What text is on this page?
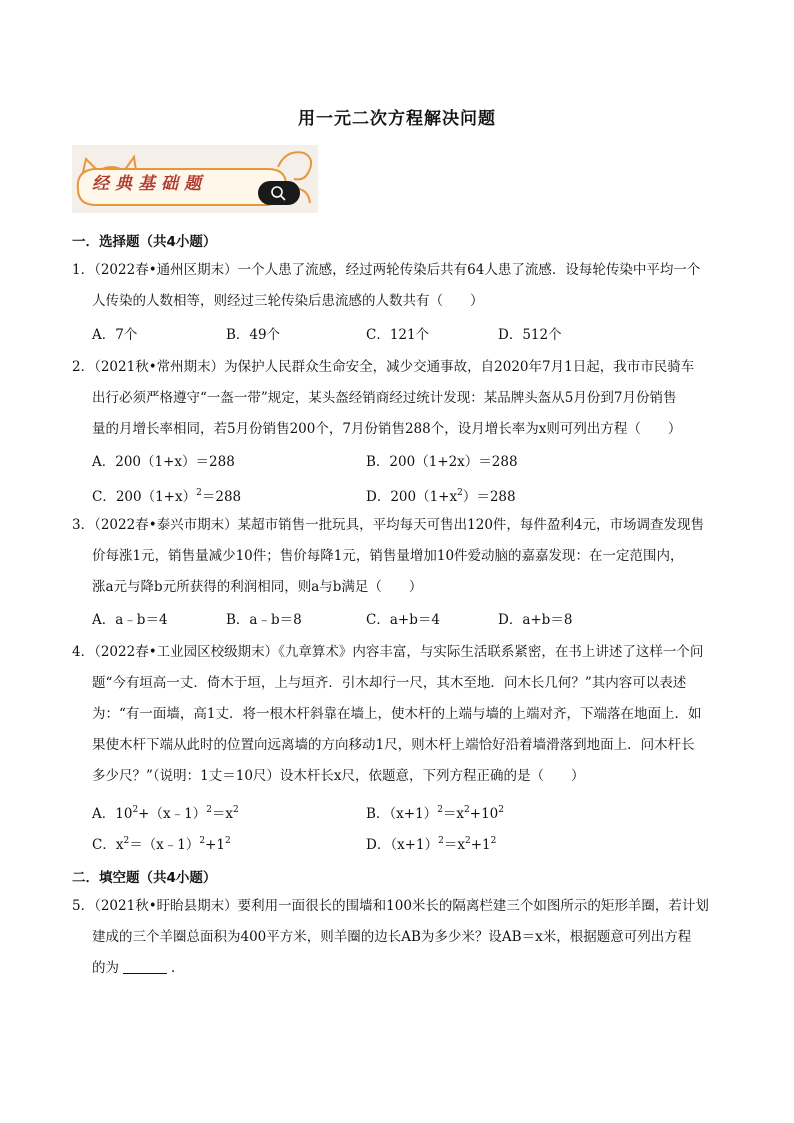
用一元二次方程解决问题
经典基础题
一．选择题（共4小题）
1．（2022春•通州区期末）一个人患了流感，经过两轮传染后共有64人患了流感．设每轮传染中平均一个
人传染的人数相等，则经过三轮传染后患流感的人数共有（　　）
A．7个	B．49个	C．121个	D．512个
2．（2021秋•常州期末）为保护人民群众生命安全，减少交通事故，自2020年7月1日起，我市市民骑车
出行必须严格遵守“一盔一带”规定，某头盔经销商经过统计发现：某品牌头盔从5月份到7月份销售
量的月增长率相同，若5月份销售200个，7月份销售288个，设月增长率为x则可列出方程（　　）
A．200（1+x）＝288	B．200（1+2x）＝288
C．$200(1+x)^2=288$	D．$200(1+x^2)=288$
3．（2022春•泰兴市期末）某超市销售一批玩具，平均每天可售出120件，每件盈利4元，市场调查发现售
价每涨1元，销售量减少10件；售价每降1元，销售量增加10件爱动脑的嘉嘉发现：在一定范围内，
涨a元与降b元所获得的利润相同，则a与b满足（　　）
A．a﹣b＝4	B．a﹣b＝8	C．a+b＝4	D．a+b＝8
4．（2022春•工业园区校级期末）《九章算术》内容丰富，与实际生活联系紧密，在书上讲述了这样一个问
题“今有垣高一丈．倚木于垣，上与垣齐．引木却行一尺，其木至地．问木长几何？”其内容可以表述
为：“有一面墙，高1丈．将一根木杆斜靠在墙上，使木杆的上端与墙的上端对齐，下端落在地面上．如
果使木杆下端从此时的位置向远离墙的方向移动1尺，则木杆上端恰好沿着墙滑落到地面上．问木杆长
多少尺？”（说明：1丈＝10尺）设木杆长x尺，依题意，下列方程正确的是（　　）
A．$10^2+(x﹣1)^2=x^2$	B．$(x+1)^2=x^2+10^2$
C．$x^2=(x﹣1)^2+1^2$	D．$(x+1)^2=x^2+1^2$
二．填空题（共4小题）
5．（2021秋•盱眙县期末）要利用一面很长的围墙和100米长的隔离栏建三个如图所示的矩形羊圈，若计划
建成的三个羊圈总面积为400平方米，则羊圈的边长AB为多少米？设AB＝x米，根据题意可列出方程
的为	．
